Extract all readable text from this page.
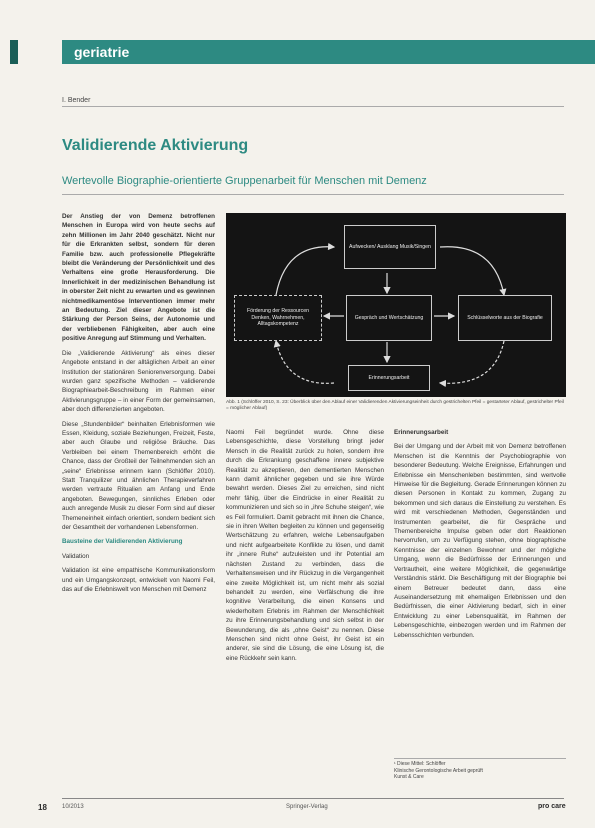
geriatrie
I. Bender
Validierende Aktivierung
Wertevolle Biographie-orientierte Gruppenarbeit für Menschen mit Demenz

Der Anstieg der von Demenz betroffenen Menschen in Europa wird von heute sechs auf zehn Millionen im Jahr 2040 geschätzt. Nicht nur für die Erkrankten selbst, sondern für deren Familie bzw. auch professionelle Pflegekräfte bleibt die Veränderung der Persönlichkeit und des Verhaltens eine große Herausforderung. Die Innerlichkeit in der medizinischen Behandlung ist in oberster Zeit nicht zu erwarten und es gewinnen nichtmedikamentöse Interventionen immer mehr an Bedeutung. Ziel dieser Angebote ist die Stärkung der Person Seins, der Autonomie und der verbliebenen Fähigkeiten, aber auch eine positive Anregung auf Stimmung und Verhalten.

Die „Validierende Aktivierung“ als eines dieser Angebote entstand in der alltäglichen Arbeit an einer Institution der stationären Seniorenversorgung. Dabei wurden ganz spezifische Methoden – validierende Biographiearbeit-Beschreibung im Rahmen einer Aktivierungsgruppe – in einer Form der gemeinsamen, aber doch differenzierten angeboten.

Diese „Stundenbilder“ beinhalten Erlebnisformen wie Essen, Kleidung, soziale Beziehungen, Freizeit, Feste, aber auch Glaube und religiöse Bräuche. Das Verbleiben bei einem Themenbereich erhöht die Chance, dass der Großteil der Teilnehmenden sich an „seine“ Erlebnisse erinnern kann (Schlöffer 2010). Statt Tranquilizer und ähnlichen Therapieverfahren werden vertraute Ritualien am Anfang und Ende angeboten. Bewegungen, sinnliches Erleben oder auch anregende Musik zu dieser Form sind auf dieser Themeneinheit einfach orientiert, sondern bedient sich der Gesamtheit der vorhandenen Lebensformen.

Bausteine der Validierenden Aktivierung

Validation

Validation ist eine empathische Kommunikationsform und ein Umgangskonzept, entwickelt von Naomi Feil, das auf die Erlebniswelt von Menschen mit Demenz

Aufwecken/ Ausklang Musik/Singen
Förderung der Ressourcen Denken, Wahrnehmen, Alltagskompetenz
Gespräch und Wertschätzung	Schlüsselworte aus der Biografie
Erinnerungsarbeit
Abb. 1 (Schlöffer 2010, S. 23: Überblick über den Ablauf einer Validierenden Aktivierungseinheit durch gestrichelten Pfeil = gestarteter Ablauf, gestrichelter Pfeil = möglicher Ablauf)

Naomi Feil begründet wurde. Ohne diese Lebensgeschichte, diese Vorstellung bringt jeder Mensch in die Realität zurück zu holen, sondern ihre durch die Erkrankung geschaffene innere subjektive Realität zu akzeptieren, den dementierten Menschen kann damit ähnlicher gegeben und sie ihre Würde bewahrt werden. Dieses Ziel zu erreichen, sind nicht mehr fähig, über die Eindrücke in einer Realität zu kommunizieren und sich so in „ihre Schuhe steigen“, wie es Feil formuliert. Damit gebracht mit ihnen die Chance, sie in ihren Welten begleiten zu können und gegenseitig Wertschätzung zu erfahren, welche Lebensaufgaben und nicht aufgearbeitete Konflikte zu lösen, und damit ihr „innere Ruhe“ aufzuleisten und ihr Potential am nächsten Zustand zu verbinden, dass die Verhaltensweisen und ihr Rückzug in die Vergangenheit eine zweite Möglichkeit ist, um nicht mehr als sozial behandelt zu werden, eine Verfälschung die ihre kognitive Verarbeitung, die einen Konsens und wiederholtem Erlebnis im Rahmen der Menschlichkeit zu ihre Erinnerungsbehandlung und sich selbst in der Bewunderung, die als „ohne Geist“ zu nennen. Diese Menschen sind nicht ohne Geist, ihr Geist ist ein anderer, sie sind die Lösung, die eine Lösung ist, die eine Rückkehr sein kann.

Erinnerungsarbeit

Bei der Umgang und der Arbeit mit von Demenz betroffenen Menschen ist die Kenntnis der Psychobiographie von besonderer Bedeutung. Welche Ereignisse, Erfahrungen und Erlebnisse ein Menschenleben bestimmten, sind wertvolle Hinweise für die Begleitung. Gerade Erinnerungen können zu diesen Personen in Kontakt zu kommen, Zugang zu bekommen und sich daraus die Einstellung zu verstehen. Es wird mit verschiedenen Methoden, Gegenständen und Instrumenten gearbeitet, die für Gespräche und Themenbereiche Impulse geben oder dort Reaktionen hervorrufen, um zu Verfügung stehen, ohne biographische Kenntnisse der einzelnen Bewohner und der mögliche Umgang, wenn die Bedürfnisse der Erinnerungen und Vertrautheit, eine weitere Möglichkeit, die gegenwärtige Verständnis stärkt. Die Beschäftigung mit der Biographie bei einem Betreuer bedeutet dann, dass eine Auseinandersetzung mit ehemaligen Erlebnissen und den Bedürfnissen, die einer Aktivierung bedarf, sich in einer Entwicklung zu einer Lebensqualität, im Rahmen der Lebensgeschichte, einbezogen werden und im Rahmen der Lebensschichten verbunden.

¹ Diese Mittel: Schlöffer
Klinische Gerontologische Arbeit geprüft
Kunst & Care
18	10/2013	Springer-Verlag	pro care
